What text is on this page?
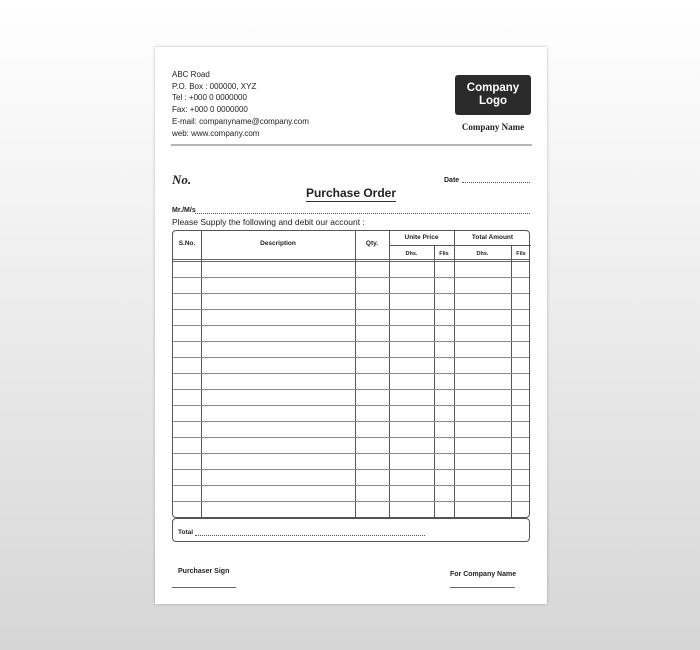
ABC Road
P.O. Box : 000000, XYZ
Tel : +000 0 0000000
Fax: +000 0 0000000
E-mail: companyname@company.com
web: www.company.com
Company
Logo
Company Name
No.	Date
Purchase Order
Mr./M/s
Please Supply the following and debit our account :
S.No.	Description	Qty.
Unite Price	Total Amount
Dhs.	Fils	Dhs.	Fils
Total
Purchaser Sign	For Company Name
